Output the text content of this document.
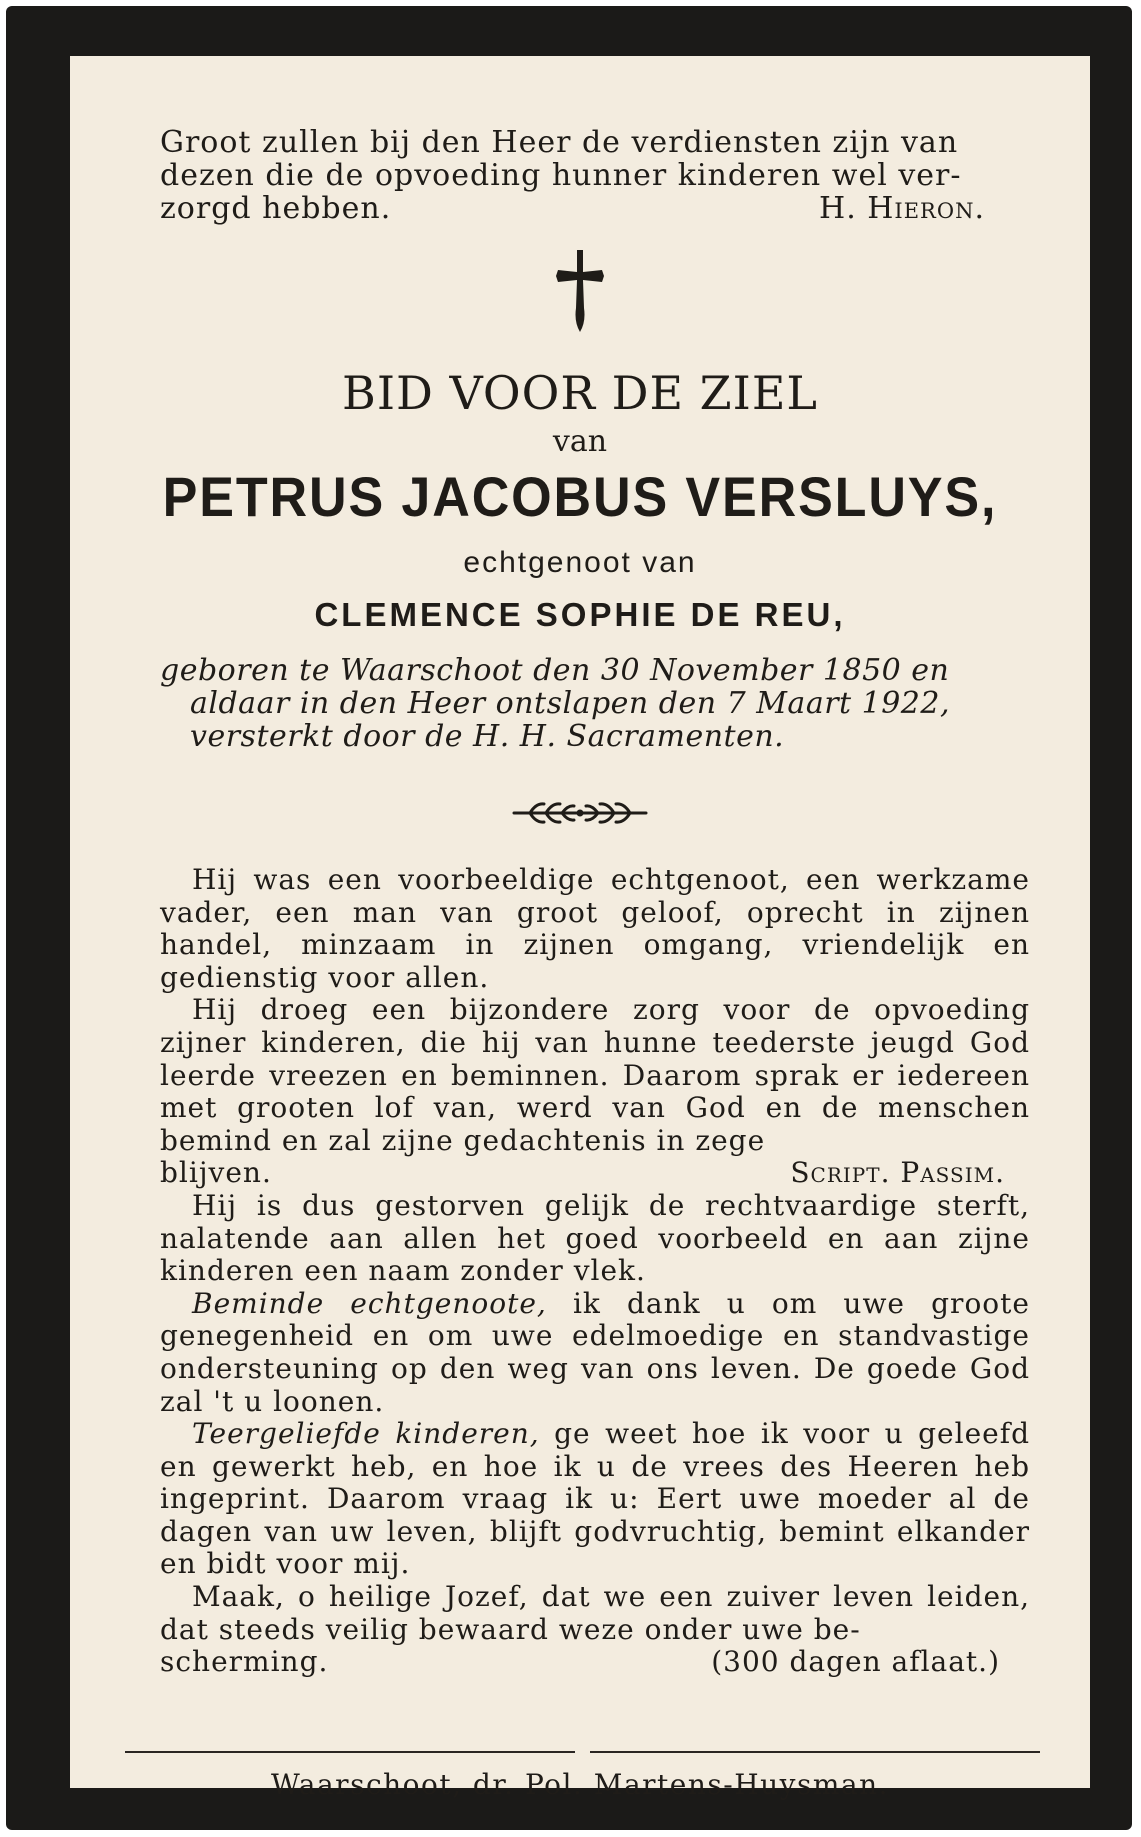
Groot zullen bij den Heer de verdiensten zijn van
dezen die de opvoeding hunner kinderen wel ver-
zorgd hebben.	H. Hieron.
BID VOOR DE ZIEL
van
PETRUS JACOBUS VERSLUYS,
echtgenoot van
CLEMENCE SOPHIE DE REU,
geboren te Waarschoot den 30 November 1850 en
aldaar in den Heer ontslapen den 7 Maart 1922,
versterkt door de H. H. Sacramenten.

Hij was een voorbeeldige echtgenoot, een werkzame vader, een man van groot geloof, oprecht in zijnen handel, minzaam in zijnen omgang, vriendelijk en gedienstig voor allen.

Hij droeg een bijzondere zorg voor de opvoeding zijner kinderen, die hij van hunne teederste jeugd God leerde vreezen en beminnen. Daarom sprak er iedereen met grooten lof van, werd van God en de menschen bemind en zal zijne gedachtenis in zege

blijven.	Script. Passim.

Hij is dus gestorven gelijk de rechtvaardige sterft, nalatende aan allen het goed voorbeeld en aan zijne kinderen een naam zonder vlek.

Beminde echtgenoote, ik dank u om uwe groote genegenheid en om uwe edelmoedige en standvastige ondersteuning op den weg van ons leven. De goede God zal 't u loonen.

Teergeliefde kinderen, ge weet hoe ik voor u geleefd en gewerkt heb, en hoe ik u de vrees des Heeren heb ingeprint. Daarom vraag ik u: Eert uwe moeder al de dagen van uw leven, blijft godvruchtig, bemint elkander en bidt voor mij.

Maak, o heilige Jozef, dat we een zuiver leven leiden, dat steeds veilig bewaard weze onder uwe be-

scherming.	(300 dagen aflaat.)
Waarschoot, dr. Pol. Martens-Huysman.
